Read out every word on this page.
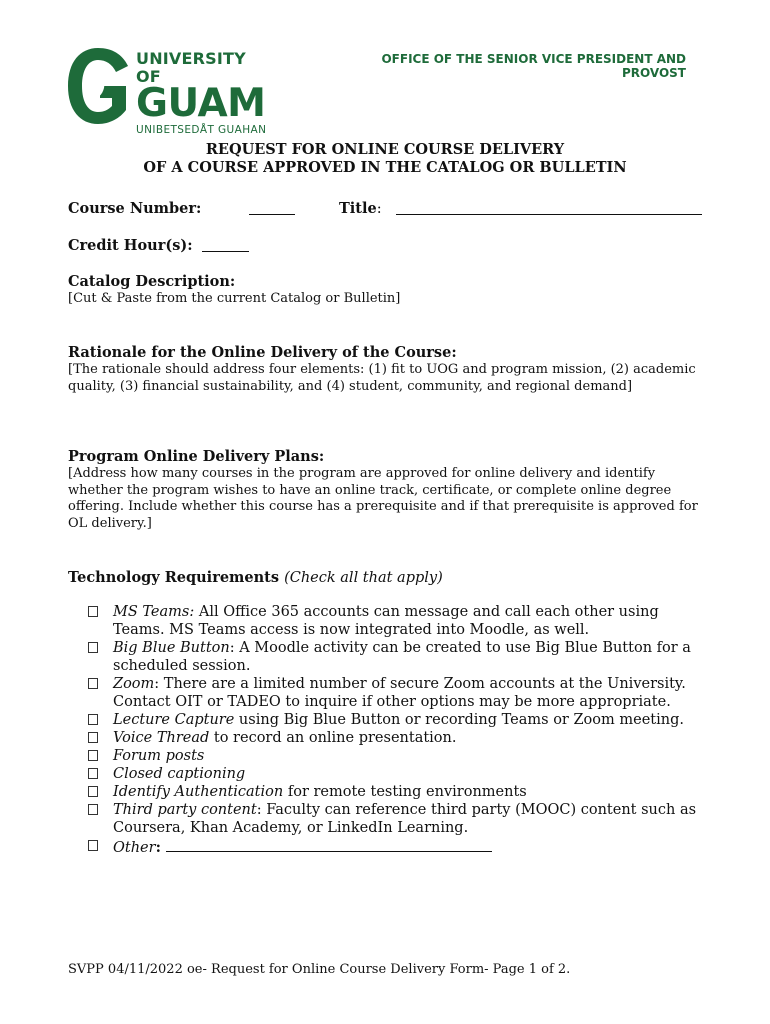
UNIVERSITY OF
GUAM
UNIBETSEDÅT GUAHAN
OFFICE OF THE SENIOR VICE PRESIDENT AND PROVOST
REQUEST FOR ONLINE COURSE DELIVERY
OF A COURSE APPROVED IN THE CATALOG OR BULLETIN
Course Number:	Title:
Credit Hour(s):
Catalog Description:
[Cut & Paste from the current Catalog or Bulletin]
Rationale for the Online Delivery of the Course:
[The rationale should address four elements: (1) fit to UOG and program mission, (2) academic quality, (3) financial sustainability, and (4) student, community, and regional demand]
Program Online Delivery Plans:
[Address how many courses in the program are approved for online delivery and identify whether the program wishes to have an online track, certificate, or complete online degree offering. Include whether this course has a prerequisite and if that prerequisite is approved for OL delivery.]
Technology Requirements (Check all that apply)
MS Teams: All Office 365 accounts can message and call each other using Teams. MS Teams access is now integrated into Moodle, as well.
Big Blue Button: A Moodle activity can be created to use Big Blue Button for a scheduled session.
Zoom: There are a limited number of secure Zoom accounts at the University. Contact OIT or TADEO to inquire if other options may be more appropriate.
Lecture Capture using Big Blue Button or recording Teams or Zoom meeting.
Voice Thread to record an online presentation.
Forum posts
Closed captioning
Identify Authentication for remote testing environments
Third party content: Faculty can reference third party (MOOC) content such as Coursera, Khan Academy, or LinkedIn Learning.
Other:
SVPP 04/11/2022 oe- Request for Online Course Delivery Form- Page 1 of 2.
